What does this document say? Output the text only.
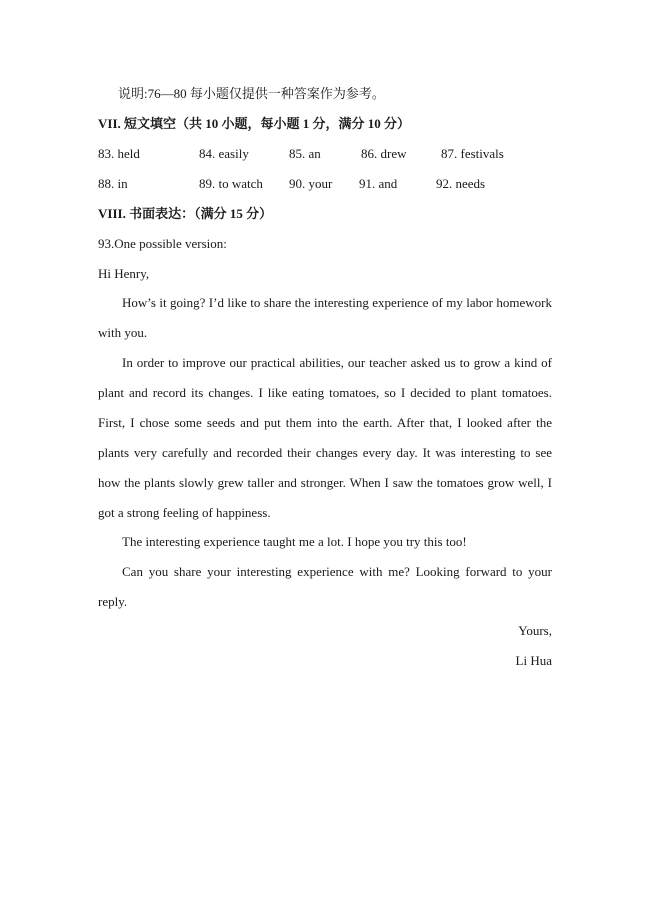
说明:76—80 每小题仅提供一种答案作为参考。
VII. 短文填空（共 10 小题，每小题 1 分，满分 10 分）
83. held	84. easily	85. an	86. drew	87. festivals
88. in	89. to watch 90. your 91. and	92. needs
VIII. 书面表达：（满分 15 分）
93.One possible version:
Hi Henry,
How’s it going? I’d like to share the interesting experience of my labor homework with you.
In order to improve our practical abilities, our teacher asked us to grow a kind of plant and record its changes. I like eating tomatoes, so I decided to plant tomatoes. First, I chose some seeds and put them into the earth. After that, I looked after the plants very carefully and recorded their changes every day. It was interesting to see how the plants slowly grew taller and stronger. When I saw the tomatoes grow well, I got a strong feeling of happiness.
The interesting experience taught me a lot. I hope you try this too!
Can you share your interesting experience with me? Looking forward to your reply.
Yours,
Li Hua
